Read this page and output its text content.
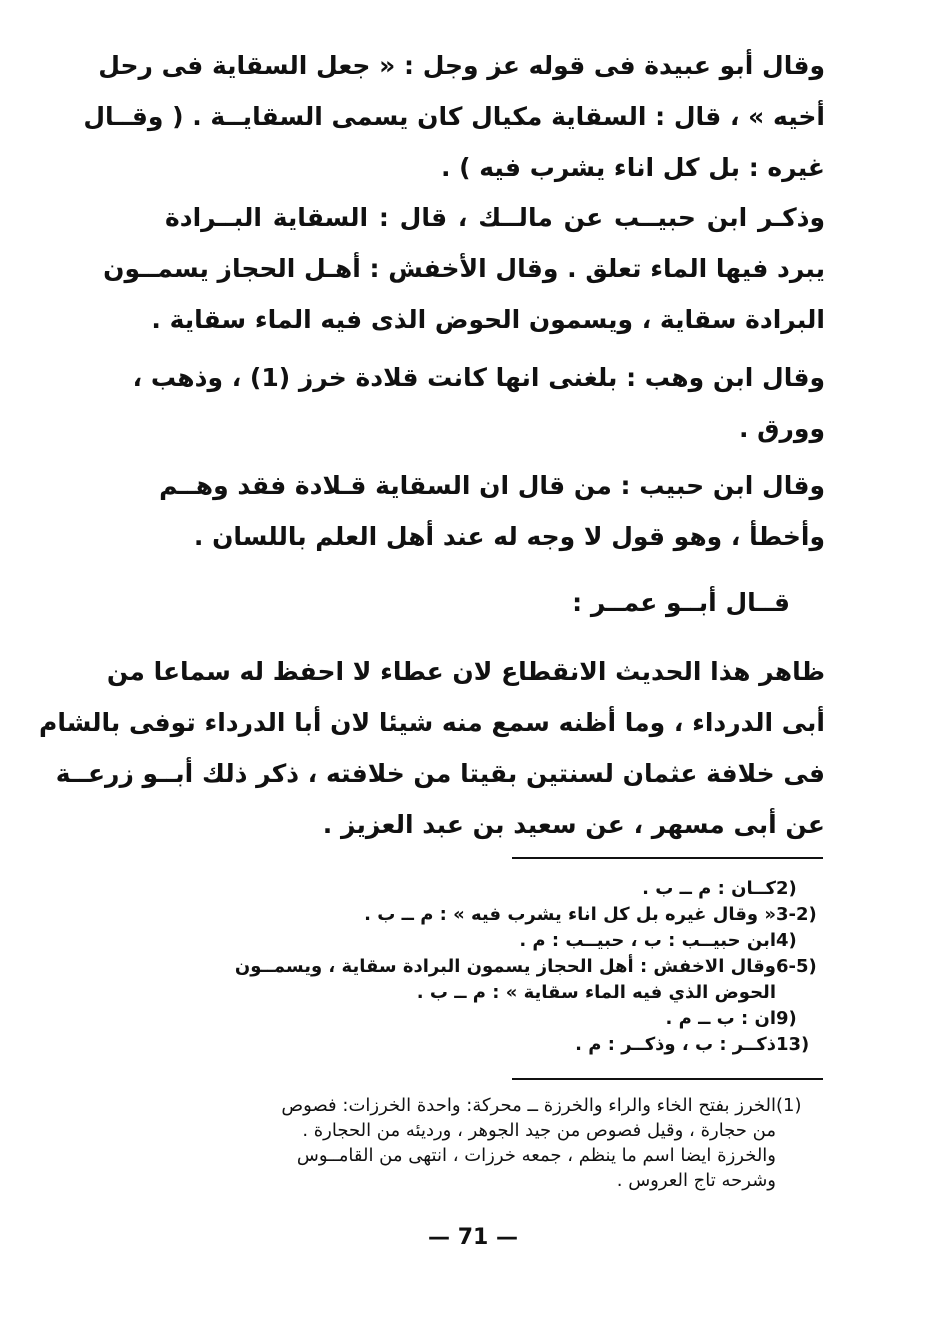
وقال أبو عبيدة فى قوله عز وجل : « جعل السقاية فى رحل
أخيه » ، قال : السقاية مكيال كان يسمى السقايــة . ( وقــال
غيره : بل كل اناء يشرب فيه ) .
وذكـر ابن حبيــب عن مالــك ، قال : السقاية البــرادة
يبرد فيها الماء تعلق . وقال الأخفش : أهـل الحجاز يسمــون
البرادة سقاية ، ويسمون الحوض الذى فيه الماء سقاية .
وقال ابن وهب : بلغنى انها كانت قلادة خرز (1) ، وذهب ،
وورق .
وقال ابن حبيب : من قال ان السقاية قـلادة فقد وهــم
وأخطأ ، وهو قول لا وجه له عند أهل العلم باللسان .
قــال أبــو عمــر :
ظاهر هذا الحديث الانقطاع لان عطاء لا احفظ له سماعا من
أبى الدرداء ، وما أظنه سمع منه شيئا لان أبا الدرداء توفى بالشام
فى خلافة عثمان لسنتين بقيتا من خلافته ، ذكر ذلك أبــو زرعــة
عن أبى مسهر ، عن سعيد بن عبد العزيز .
2)
كــان : م ــ ب .
3-2)
« وقال غيره بل كل اناء يشرب فيه » : م ــ ب .
4)
ابن حبيــب : ب ، حبيــب : م .
6-5)
وقال الاخفش : أهل الحجاز يسمون البرادة سقاية ، ويسمــون
الحوض الذي فيه الماء سقاية » : م ــ ب .
9)
ان : ب ــ م .
13)
ذكــر : ب ، وذكــر : م .
(1)
الخرز بفتح الخاء والراء والخرزة ــ محركة: واحدة الخرزات: فصوص
من حجارة ، وقيل فصوص من جيد الجوهر ، ورديئه من الحجارة .
والخرزة ايضا اسم ما ينظم ، جمعه خرزات ، انتهى من القامــوس
وشرحه تاج العروس .
— 71 —
